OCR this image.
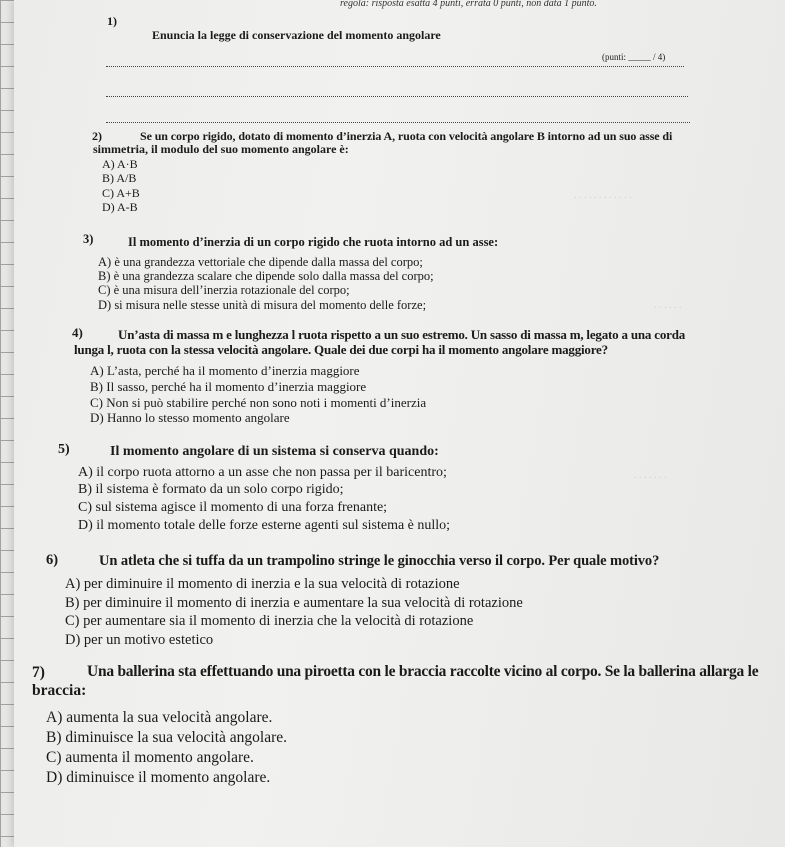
. . . . . . . . . . . .
. . . . . .
. . . . . . .
regola: risposta esatta 4 punti, errata 0 punti, non data 1 punto.
1)
Enuncia la legge di conservazione del momento angolare
(punti: _____ / 4)
2)	Se un corpo rigido, dotato di momento d’inerzia A, ruota con velocità angolare B intorno ad un suo asse di
simmetria, il modulo del suo momento angolare è:
A) A·B
B) A/B
C) A+B
D) A-B
3)	Il momento d’inerzia di un corpo rigido che ruota intorno ad un asse:
A) è una grandezza vettoriale che dipende dalla massa del corpo;
B) è una grandezza scalare che dipende solo dalla massa del corpo;
C) è una misura dell’inerzia rotazionale del corpo;
D) si misura nelle stesse unità di misura del momento delle forze;
4)	Un’asta di massa m e lunghezza l ruota rispetto a un suo estremo. Un sasso di massa m, legato a una corda
lunga l, ruota con la stessa velocità angolare. Quale dei due corpi ha il momento angolare maggiore?
A) L’asta, perché ha il momento d’inerzia maggiore
B) Il sasso, perché ha il momento d’inerzia maggiore
C) Non si può stabilire perché non sono noti i momenti d’inerzia
D) Hanno lo stesso momento angolare
5)	Il momento angolare di un sistema si conserva quando:
A) il corpo ruota attorno a un asse che non passa per il baricentro;
B) il sistema è formato da un solo corpo rigido;
C) sul sistema agisce il momento di una forza frenante;
D) il momento totale delle forze esterne agenti sul sistema è nullo;
6)	Un atleta che si tuffa da un trampolino stringe le ginocchia verso il corpo. Per quale motivo?
A) per diminuire il momento di inerzia e la sua velocità di rotazione
B) per diminuire il momento di inerzia e aumentare la sua velocità di rotazione
C) per aumentare sia il momento di inerzia che la velocità di rotazione
D) per un motivo estetico
7)	Una ballerina sta effettuando una piroetta con le braccia raccolte vicino al corpo. Se la ballerina allarga le
braccia:
A) aumenta la sua velocità angolare.
B) diminuisce la sua velocità angolare.
C) aumenta il momento angolare.
D) diminuisce il momento angolare.
